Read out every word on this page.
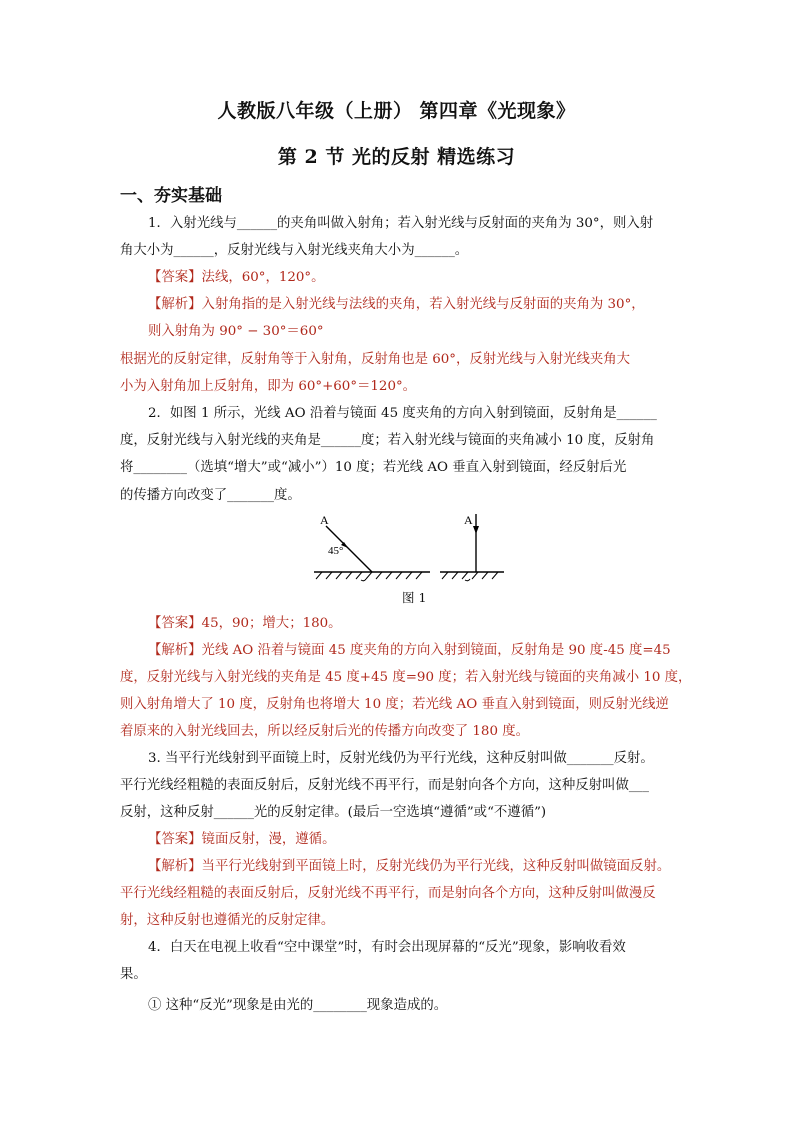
人教版八年级（上册） 第四章《光现象》
第 2 节 光的反射 精选练习
一、夯实基础
1．入射光线与______的夹角叫做入射角；若入射光线与反射面的夹角为 30°，则入射
角大小为______，反射光线与入射光线夹角大小为______。
【答案】法线，60°，120°。
【解析】入射角指的是入射光线与法线的夹角，若入射光线与反射面的夹角为 30°，
则入射角为 90° − 30°＝60°
根据光的反射定律，反射角等于入射角，反射角也是 60°，反射光线与入射光线夹角大
小为入射角加上反射角，即为 60°+60°＝120°。
2．如图 1 所示，光线 AO 沿着与镜面 45 度夹角的方向入射到镜面，反射角是______
度，反射光线与入射光线的夹角是______度；若入射光线与镜面的夹角减小 10 度，反射角
将________（选填“增大”或“减小”）10 度；若光线 AO 垂直入射到镜面，经反射后光
的传播方向改变了_______度。
A
45°
A
图 1
【答案】45，90；增大；180。
【解析】光线 AO 沿着与镜面 45 度夹角的方向入射到镜面，反射角是 90 度-45 度=45
度，反射光线与入射光线的夹角是 45 度+45 度=90 度；若入射光线与镜面的夹角减小 10 度，
则入射角增大了 10 度，反射角也将增大 10 度；若光线 AO 垂直入射到镜面，则反射光线逆
着原来的入射光线回去，所以经反射后光的传播方向改变了 180 度。
3. 当平行光线射到平面镜上时，反射光线仍为平行光线，这种反射叫做_______反射。
平行光线经粗糙的表面反射后，反射光线不再平行，而是射向各个方向，这种反射叫做___
反射，这种反射______光的反射定律。(最后一空选填“遵循”或“不遵循”)
【答案】镜面反射，漫，遵循。
【解析】当平行光线射到平面镜上时，反射光线仍为平行光线，这种反射叫做镜面反射。
平行光线经粗糙的表面反射后，反射光线不再平行，而是射向各个方向，这种反射叫做漫反
射，这种反射也遵循光的反射定律。
4．白天在电视上收看“空中课堂”时，有时会出现屏幕的“反光”现象，影响收看效
果。
① 这种“反光”现象是由光的________现象造成的。
